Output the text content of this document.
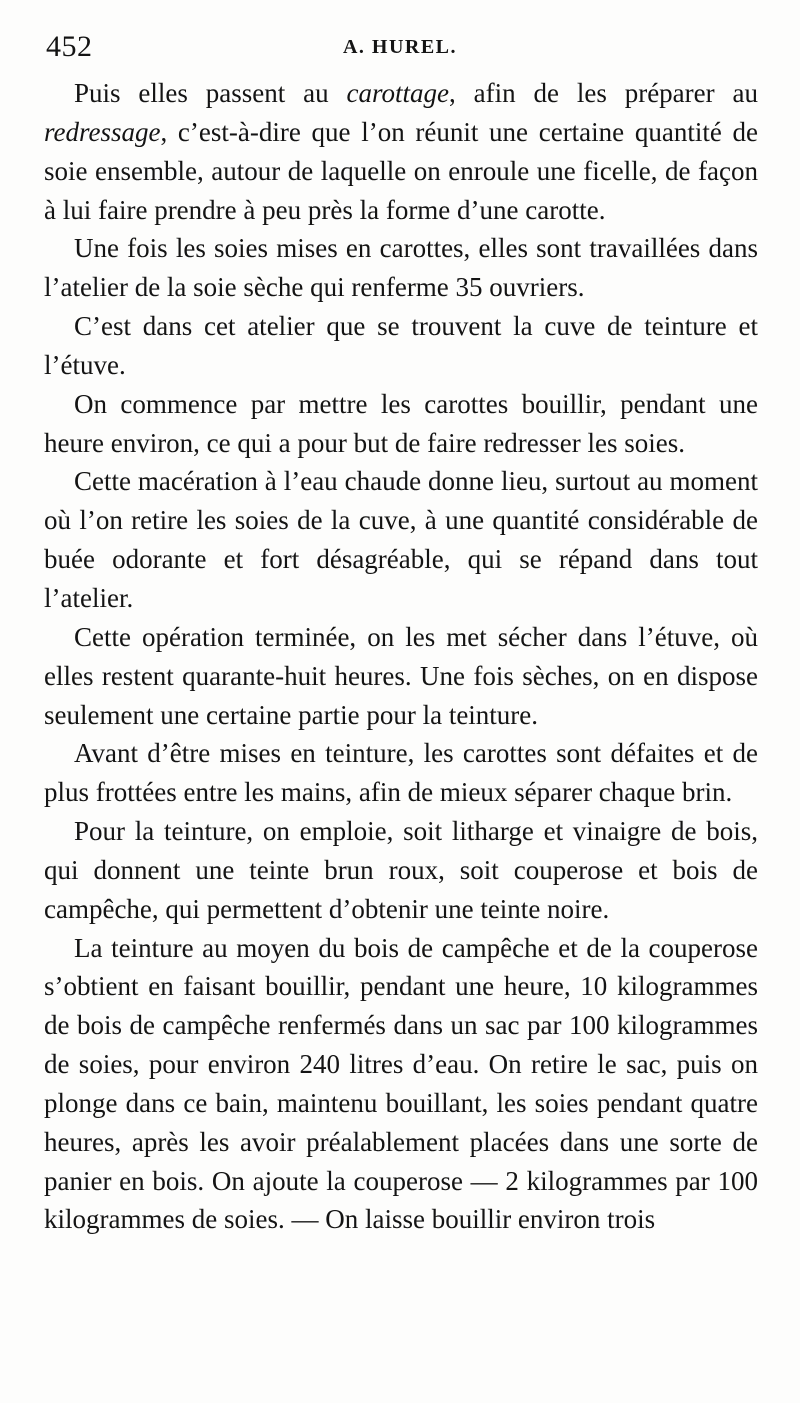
452	A. HUREL.

Puis elles passent au carottage, afin de les préparer au redressage, c’est-à-dire que l’on réunit une certaine quantité de soie ensemble, autour de laquelle on enroule une ficelle, de façon à lui faire prendre à peu près la forme d’une carotte.

Une fois les soies mises en carottes, elles sont travaillées dans l’atelier de la soie sèche qui renferme 35 ouvriers.

C’est dans cet atelier que se trouvent la cuve de teinture et l’étuve.

On commence par mettre les carottes bouillir, pendant une heure environ, ce qui a pour but de faire redresser les soies.

Cette macération à l’eau chaude donne lieu, surtout au moment où l’on retire les soies de la cuve, à une quantité considérable de buée odorante et fort désagréable, qui se répand dans tout l’atelier.

Cette opération terminée, on les met sécher dans l’étuve, où elles restent quarante-huit heures. Une fois sèches, on en dispose seulement une certaine partie pour la teinture.

Avant d’être mises en teinture, les carottes sont défaites et de plus frottées entre les mains, afin de mieux séparer chaque brin.

Pour la teinture, on emploie, soit litharge et vinaigre de bois, qui donnent une teinte brun roux, soit couperose et bois de campêche, qui permettent d’obtenir une teinte noire.

La teinture au moyen du bois de campêche et de la couperose s’obtient en faisant bouillir, pendant une heure, 10 kilogrammes de bois de campêche renfermés dans un sac par 100 kilogrammes de soies, pour environ 240 litres d’eau. On retire le sac, puis on plonge dans ce bain, maintenu bouillant, les soies pendant quatre heures, après les avoir préalablement placées dans une sorte de panier en bois. On ajoute la couperose — 2 kilogrammes par 100 kilogrammes de soies. — On laisse bouillir environ trois
